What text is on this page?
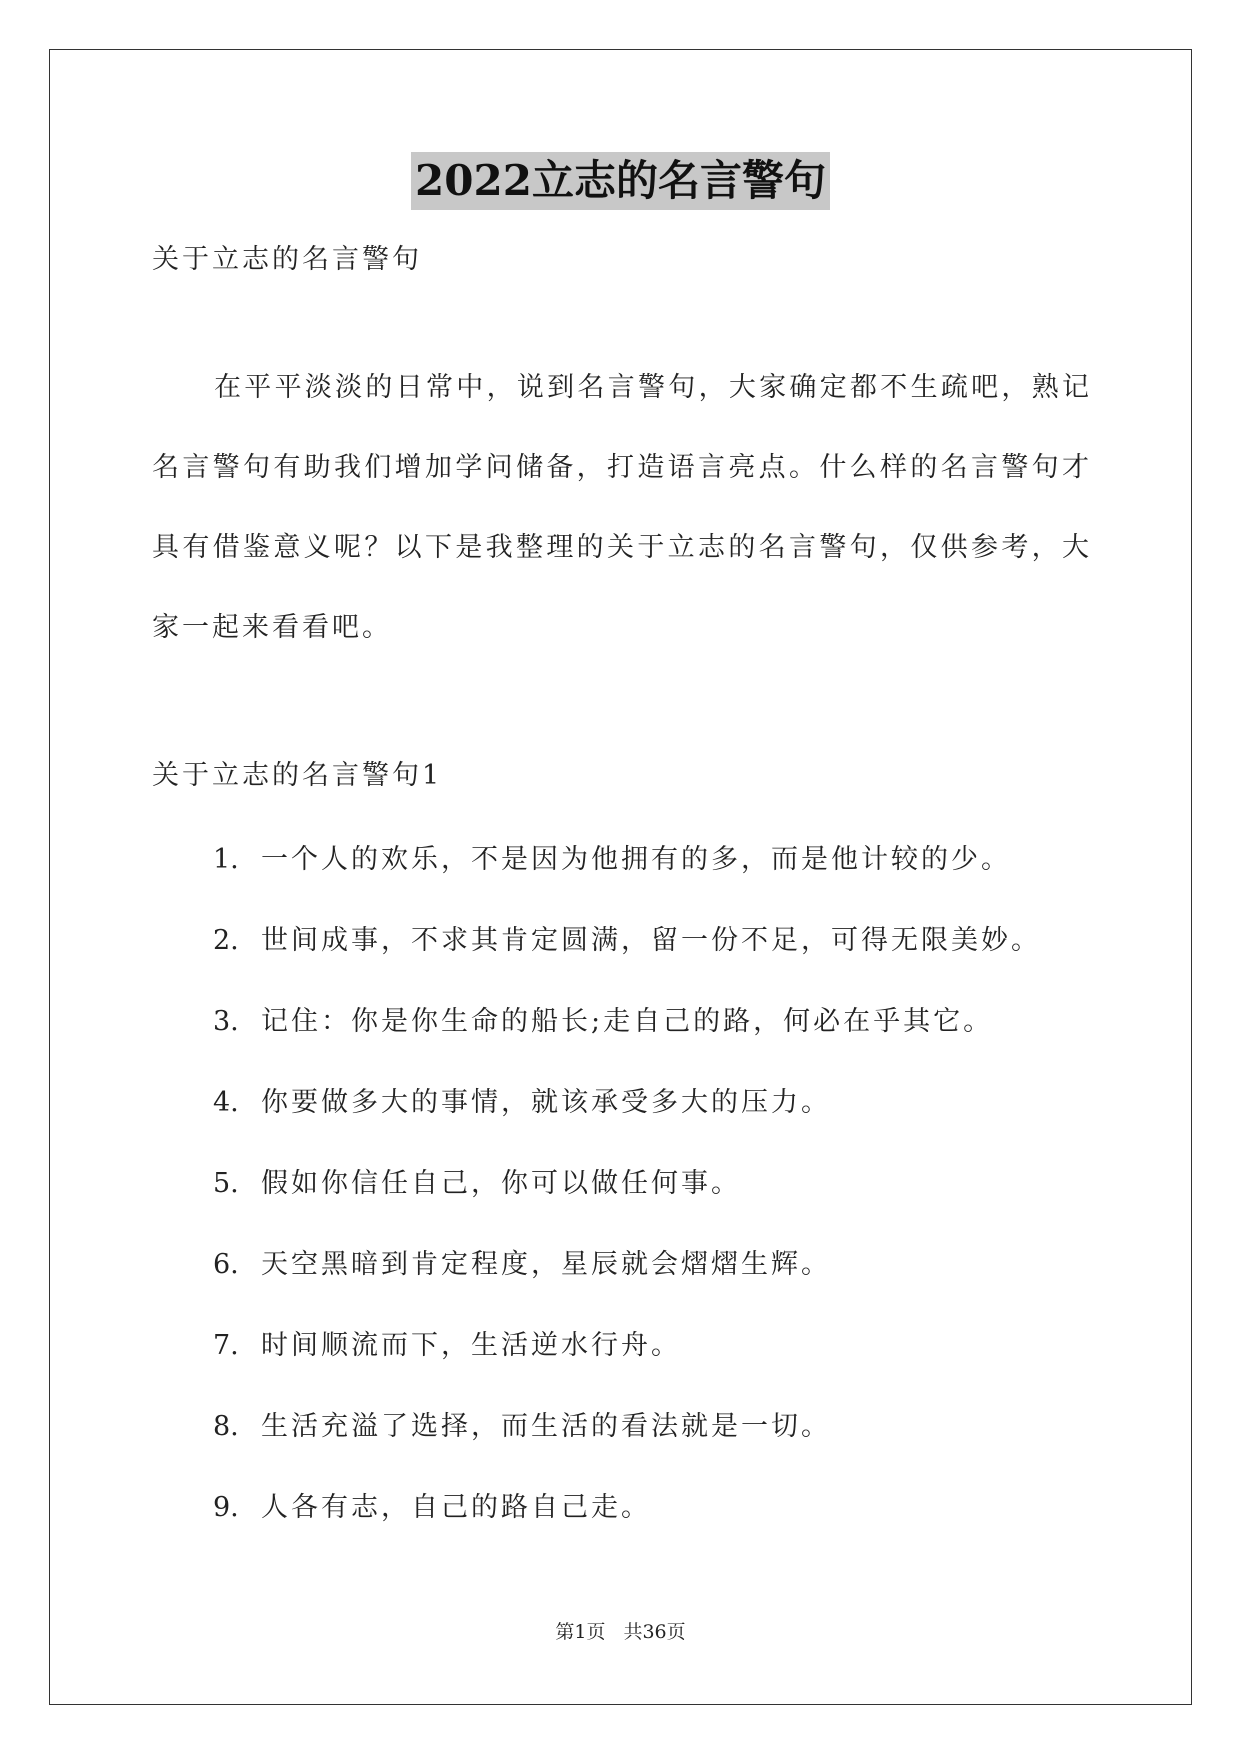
2022立志的名言警句
关于立志的名言警句

在平平淡淡的日常中，说到名言警句，大家确定都不生疏吧，熟记名言警句有助我们增加学问储备，打造语言亮点。什么样的名言警句才具有借鉴意义呢？以下是我整理的关于立志的名言警句，仅供参考，大家一起来看看吧。

关于立志的名言警句1
1. 一个人的欢乐，不是因为他拥有的多，而是他计较的少。
2. 世间成事，不求其肯定圆满，留一份不足，可得无限美妙。
3. 记住：你是你生命的船长;走自己的路，何必在乎其它。
4. 你要做多大的事情，就该承受多大的压力。
5. 假如你信任自己，你可以做任何事。
6. 天空黑暗到肯定程度，星辰就会熠熠生辉。
7. 时间顺流而下，生活逆水行舟。
8. 生活充溢了选择，而生活的看法就是一切。
9. 人各有志，自己的路自己走。
第1页 共36页
